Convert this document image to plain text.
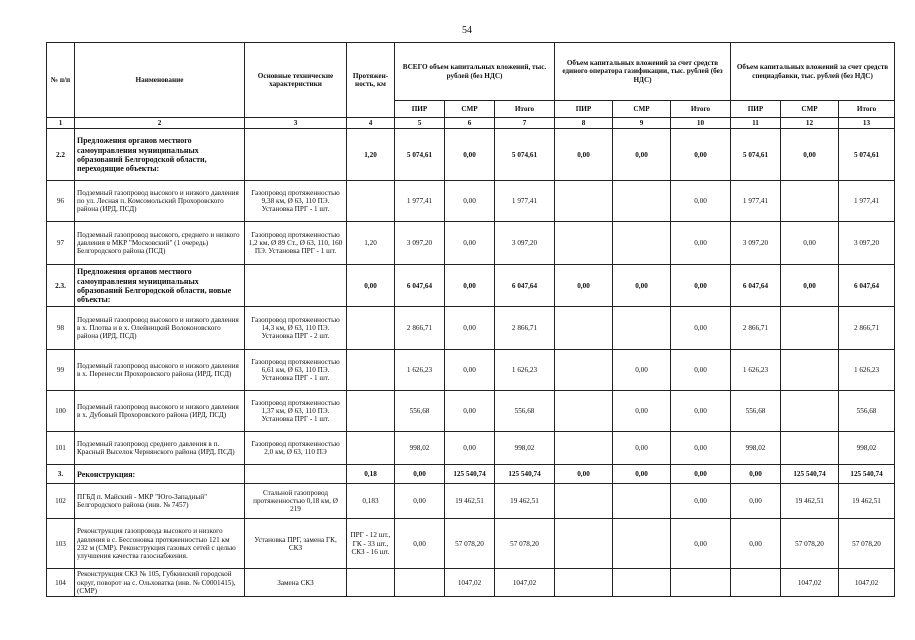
54
№ п/п	Наименование	Основные технические характеристики	Протяжен-ность, км	ВСЕГО объем капитальных вложений, тыс. рублей (без НДС)			Объем капитальных вложений за счет средств единого оператора газификации, тыс. рублей (без НДС)			Объем капитальных вложений за счет средств специадбавки, тыс. рублей (без НДС)		
				ПИР	СМР	Итого	ПИР	СМР	Итого	ПИР	СМР	Итого
1	2	3	4	5	6	7	8	9	10	11	12	13
2.2	Предложения органов местного самоуправления муниципальных образований Белгородской области, переходящие объекты:		1,20	5 074,61	0,00	5 074,61	0,00	0,00	0,00	5 074,61	0,00	5 074,61
96	Подземный газопровод высокого и низкого давления по ул. Лесная п. Комсомольский Прохоровского района (ИРД, ПСД)	Газопровод протяженностью 9,38 км, Ø 63, 110 ПЭ. Установка ПРГ - 1 шт.		1 977,41	0,00	1 977,41			0,00	1 977,41		1 977,41
97	Подземный газопровод высокого, среднего и низкого давления в МКР "Московский" (1 очередь) Белгородского района (ПСД)	Газопровод протяженностью 1,2 км, Ø 89 Ст., Ø 63, 110, 160 ПЭ. Установка ПРГ - 1 шт.	1,20	3 097,20	0,00	3 097,20			0,00	3 097,20	0,00	3 097,20
2.3.	Предложения органов местного самоуправления муниципальных образований Белгородской области, новые объекты:		0,00	6 047,64	0,00	6 047,64	0,00	0,00	0,00	6 047,64	0,00	6 047,64
98	Подземный газопровод высокого и низкого давления в х. Плотва и в х. Олейницкий Волоконовского района (ИРД, ПСД)	Газопровод протяженностью 14,3 км, Ø 63, 110 ПЭ. Установка ПРГ - 2 шт.		2 866,71	0,00	2 866,71			0,00	2 866,71		2 866,71
99	Подземный газопровод высокого и низкого давления в х. Перенесли Прохоровского района (ИРД, ПСД)	Газопровод протяженностью 6,61 км, Ø 63, 110 ПЭ. Установка ПРГ - 1 шт.		1 626,23	0,00	1 626,23		0,00	0,00	1 626,23		1 626,23
100	Подземный газопровод высокого и низкого давления в х. Дубовый Прохоровского района (ИРД, ПСД)	Газопровод протяженностью 1,37 км, Ø 63, 110 ПЭ. Установка ПРГ - 1 шт.		556,68	0,00	556,68		0,00	0,00	556,68		556,68
101	Подземный газопровод среднего давления в п. Красный Выселок Чернянского района (ИРД, ПСД)	Газопровод протяженностью 2,0 км, Ø 63, 110 ПЭ		998,02	0,00	998,02		0,00	0,00	998,02		998,02
3.	Реконструкция:		0,18	0,00	125 540,74	125 540,74	0,00	0,00	0,00	0,00	125 540,74	125 540,74
102	ПГБД п. Майский - МКР "Юго-Западный" Белгородского района (инв. № 7457)	Стальной газопровод протяженностью 0,18 км, Ø 219	0,183	0,00	19 462,51	19 462,51			0,00	0,00	19 462,51	19 462,51
103	Реконструкция газопровода высокого и низкого давления в с. Бессоновка протяженностью 121 км 232 м (СМР). Реконструкция газовых сетей с целью улучшения качества газоснабжения.	Установка ПРГ, замена ГК, СКЗ	ПРГ - 12 шт., ГК - 33 шт., СКЗ - 16 шт.	0,00	57 078,20	57 078,20			0,00	0,00	57 078,20	57 078,20
104	Реконструкция СКЗ № 105, Губкинский городской округ, поворот на с. Ольховатка (инв. № С0001415), (СМР)	Замена СКЗ			1047,02	1047,02					1047,02	1047,02
